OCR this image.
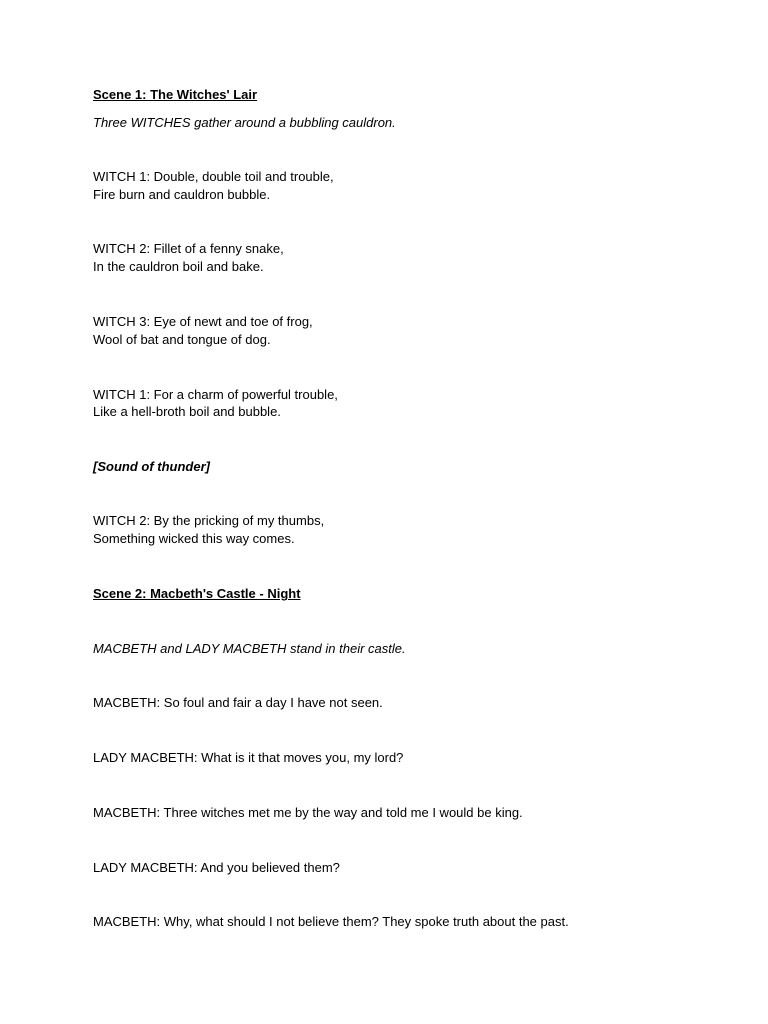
Scene 1: The Witches' Lair
Three WITCHES gather around a bubbling cauldron.
WITCH 1: Double, double toil and trouble,
Fire burn and cauldron bubble.
WITCH 2: Fillet of a fenny snake,
In the cauldron boil and bake.
WITCH 3: Eye of newt and toe of frog,
Wool of bat and tongue of dog.
WITCH 1: For a charm of powerful trouble,
Like a hell-broth boil and bubble.
[Sound of thunder]
WITCH 2: By the pricking of my thumbs,
Something wicked this way comes.
Scene 2: Macbeth's Castle - Night
MACBETH and LADY MACBETH stand in their castle.
MACBETH: So foul and fair a day I have not seen.
LADY MACBETH: What is it that moves you, my lord?
MACBETH: Three witches met me by the way and told me I would be king.
LADY MACBETH: And you believed them?
MACBETH: Why, what should I not believe them? They spoke truth about the past.
